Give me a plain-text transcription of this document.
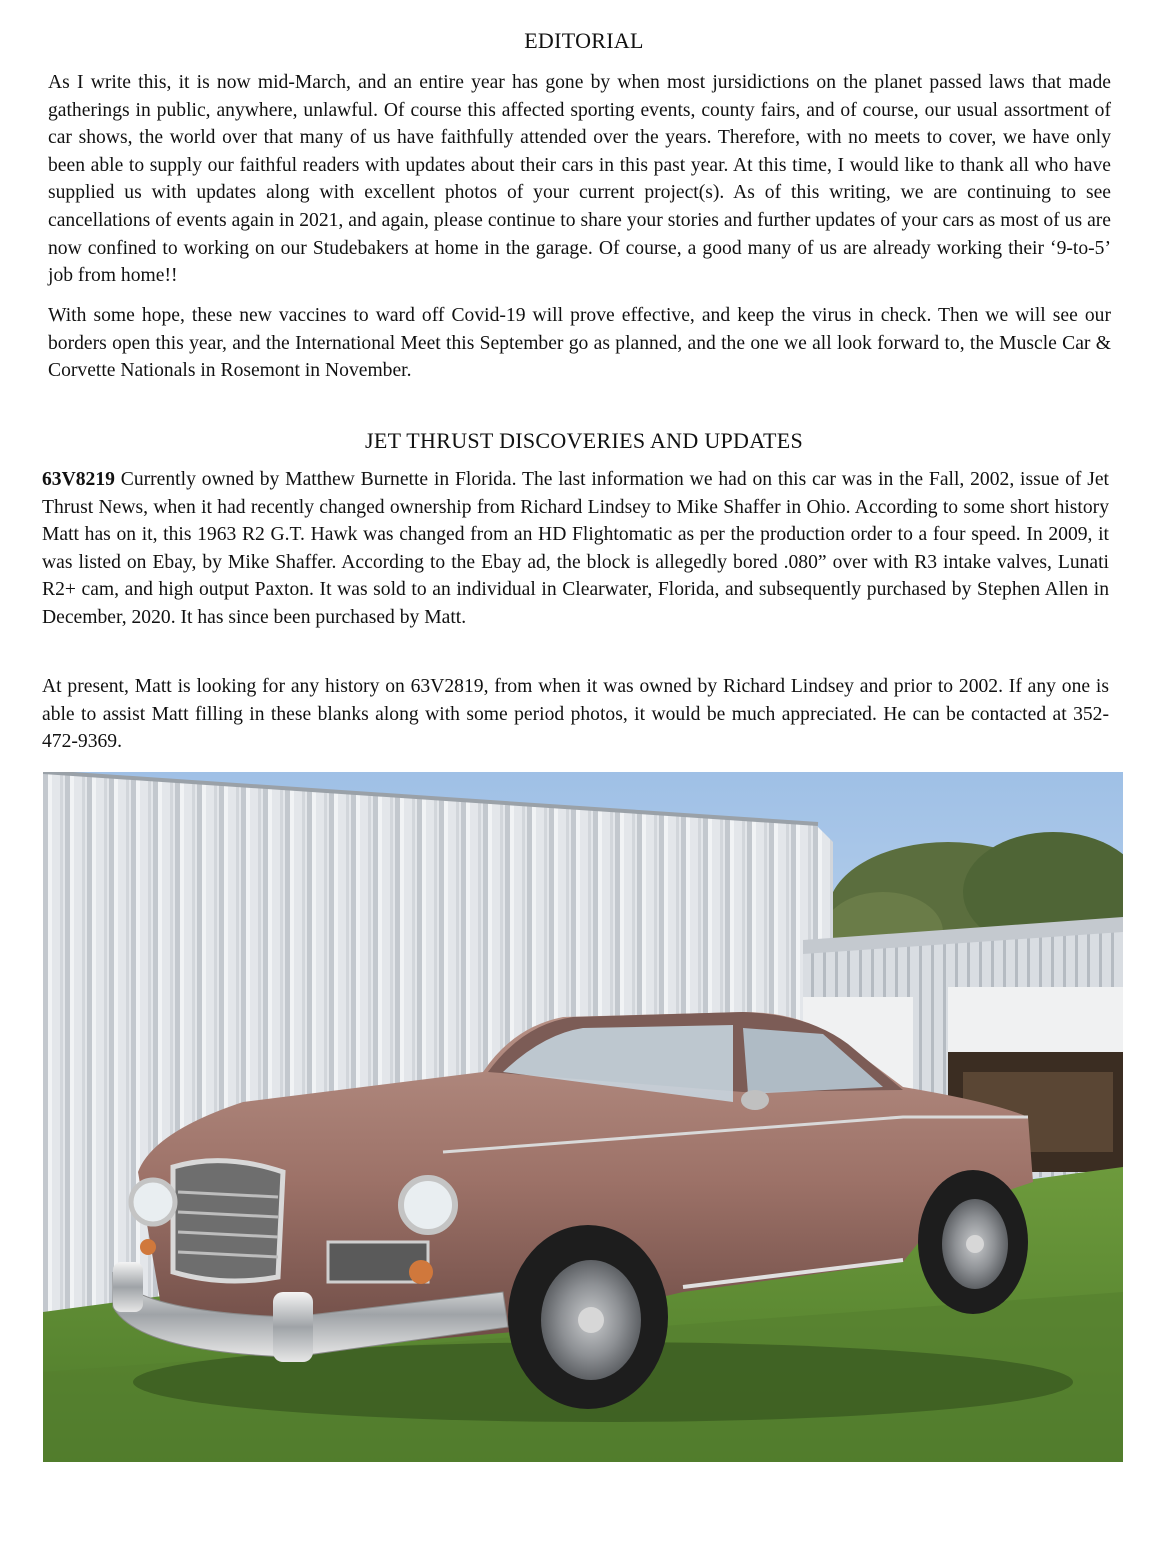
EDITORIAL

As I write this, it is now mid-March, and an entire year has gone by when most jursidictions on the planet passed laws that made gatherings in public, anywhere, unlawful. Of course this affected sporting events, county fairs, and of course, our usual assortment of car shows, the world over that many of us have faithfully attended over the years. Therefore, with no meets to cover, we have only been able to supply our faithful readers with updates about their cars in this past year. At this time, I would like to thank all who have supplied us with updates along with excellent photos of your current project(s). As of this writing, we are continuing to see cancellations of events again in 2021, and again, please continue to share your stories and further updates of your cars as most of us are now confined to working on our Studebakers at home in the garage. Of course, a good many of us are already working their ‘9-to-5’ job from home!!

With some hope, these new vaccines to ward off Covid-19 will prove effective, and keep the virus in check. Then we will see our borders open this year, and the International Meet this September go as planned, and the one we all look forward to, the Muscle Car & Corvette Nationals in Rosemont in November.

JET THRUST DISCOVERIES AND UPDATES

63V8219 Currently owned by Matthew Burnette in Florida. The last information we had on this car was in the Fall, 2002, issue of Jet Thrust News, when it had recently changed ownership from Richard Lindsey to Mike Shaffer in Ohio. According to some short history Matt has on it, this 1963 R2 G.T. Hawk was changed from an HD Flightomatic as per the production order to a four speed. In 2009, it was listed on Ebay, by Mike Shaffer. According to the Ebay ad, the block is allegedly bored .080” over with R3 intake valves, Lunati R2+ cam, and high output Paxton. It was sold to an individual in Clearwater, Florida, and subsequently purchased by Stephen Allen in December, 2020. It has since been purchased by Matt.

At present, Matt is looking for any history on 63V2819, from when it was owned by Richard Lindsey and prior to 2002. If any one is able to assist Matt filling in these blanks along with some period photos, it would be much appreciated. He can be contacted at 352-472-9369.
